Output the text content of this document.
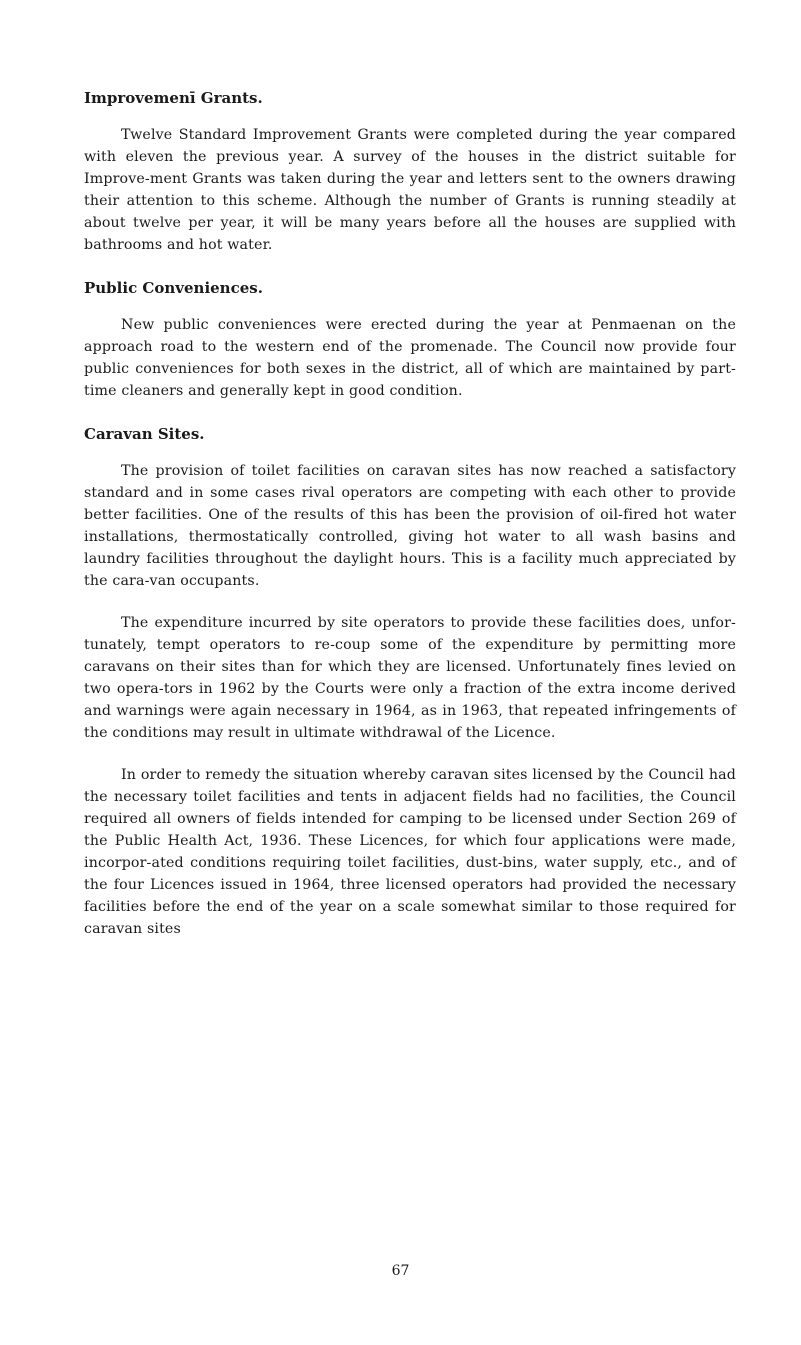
Improvemenī Grants.

Twelve Standard Improvement Grants were completed during the year compared with eleven the previous year. A survey of the houses in the district suitable for Improve-ment Grants was taken during the year and letters sent to the owners drawing their attention to this scheme. Although the number of Grants is running steadily at about twelve per year, it will be many years before all the houses are supplied with bathrooms and hot water.

Public Conveniences.

New public conveniences were erected during the year at Penmaenan on the approach road to the western end of the promenade. The Council now provide four public conveniences for both sexes in the district, all of which are maintained by part-time cleaners and generally kept in good condition.

Caravan Sites.

The provision of toilet facilities on caravan sites has now reached a satisfactory standard and in some cases rival operators are competing with each other to provide better facilities. One of the results of this has been the provision of oil-fired hot water installations, thermostatically controlled, giving hot water to all wash basins and laundry facilities throughout the daylight hours. This is a facility much appreciated by the cara-van occupants.

The expenditure incurred by site operators to provide these facilities does, unfor-tunately, tempt operators to re-coup some of the expenditure by permitting more caravans on their sites than for which they are licensed. Unfortunately fines levied on two opera-tors in 1962 by the Courts were only a fraction of the extra income derived and warnings were again necessary in 1964, as in 1963, that repeated infringements of the conditions may result in ultimate withdrawal of the Licence.

In order to remedy the situation whereby caravan sites licensed by the Council had the necessary toilet facilities and tents in adjacent fields had no facilities, the Council required all owners of fields intended for camping to be licensed under Section 269 of the Public Health Act, 1936. These Licences, for which four applications were made, incorpor-ated conditions requiring toilet facilities, dust-bins, water supply, etc., and of the four Licences issued in 1964, three licensed operators had provided the necessary facilities before the end of the year on a scale somewhat similar to those required for caravan sites

67
